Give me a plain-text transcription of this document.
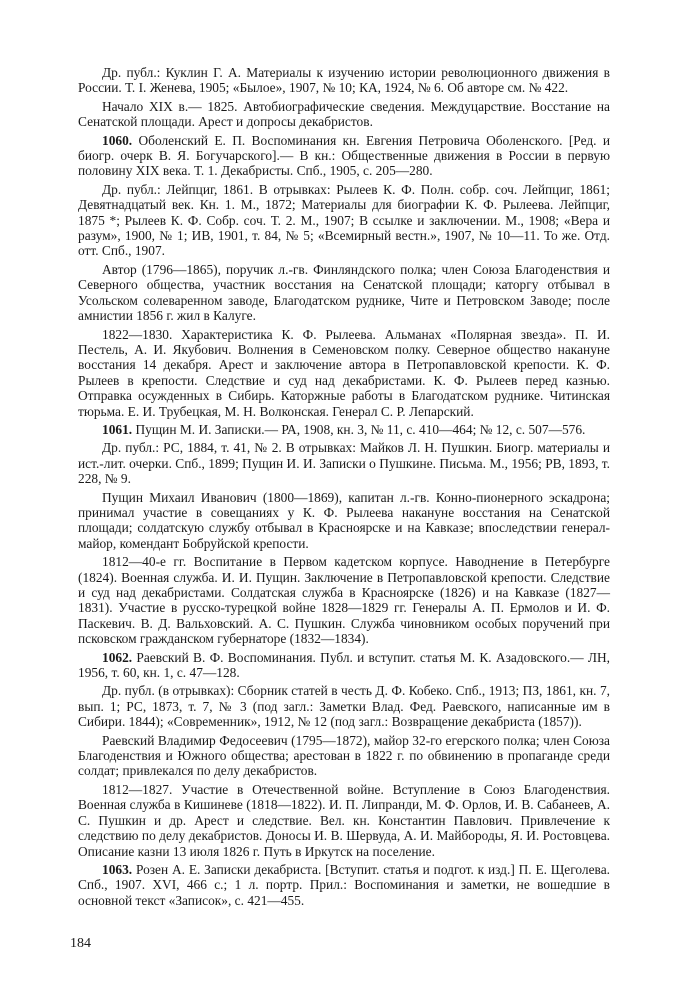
Др. публ.: Куклин Г. А. Материалы к изучению истории революционного движения в России. Т. I. Женева, 1905; «Былое», 1907, № 10; КА, 1924, № 6. Об авторе см. № 422.

Начало XIX в.— 1825. Автобиографические сведения. Междуцарствие. Восстание на Сенатской площади. Арест и допросы декабристов.

1060. Оболенский Е. П. Воспоминания кн. Евгения Петровича Оболенского. [Ред. и биогр. очерк В. Я. Богучарского].— В кн.: Общественные движения в России в первую половину XIX века. Т. 1. Декабристы. Спб., 1905, с. 205—280.

Др. публ.: Лейпциг, 1861. В отрывках: Рылеев К. Ф. Полн. собр. соч. Лейпциг, 1861; Девятнадцатый век. Кн. 1. М., 1872; Материалы для биографии К. Ф. Рылеева. Лейпциг, 1875 *; Рылеев К. Ф. Собр. соч. Т. 2. М., 1907; В ссылке и заключении. М., 1908; «Вера и разум», 1900, № 1; ИВ, 1901, т. 84, № 5; «Всемирный вестн.», 1907, № 10—11. То же. Отд. отт. Спб., 1907.

Автор (1796—1865), поручик л.-гв. Финляндского полка; член Союза Благоденствия и Северного общества, участник восстания на Сенатской площади; каторгу отбывал в Усольском солеваренном заводе, Благодатском руднике, Чите и Петровском Заводе; после амнистии 1856 г. жил в Калуге.

1822—1830. Характеристика К. Ф. Рылеева. Альманах «Полярная звезда». П. И. Пестель, А. И. Якубович. Волнения в Семеновском полку. Северное общество накануне восстания 14 декабря. Арест и заключение автора в Петропавловской крепости. К. Ф. Рылеев в крепости. Следствие и суд над декабристами. К. Ф. Рылеев перед казнью. Отправка осужденных в Сибирь. Каторжные работы в Благодатском руднике. Читинская тюрьма. Е. И. Трубецкая, М. Н. Волконская. Генерал С. Р. Лепарский.

1061. Пущин М. И. Записки.— РА, 1908, кн. 3, № 11, с. 410—464; № 12, с. 507—576.

Др. публ.: РС, 1884, т. 41, № 2. В отрывках: Майков Л. Н. Пушкин. Биогр. материалы и ист.-лит. очерки. Спб., 1899; Пущин И. И. Записки о Пушкине. Письма. М., 1956; РВ, 1893, т. 228, № 9.

Пущин Михаил Иванович (1800—1869), капитан л.-гв. Конно-пионерного эскадрона; принимал участие в совещаниях у К. Ф. Рылеева накануне восстания на Сенатской площади; солдатскую службу отбывал в Красноярске и на Кавказе; впоследствии генерал-майор, комендант Бобруйской крепости.

1812—40-е гг. Воспитание в Первом кадетском корпусе. Наводнение в Петербурге (1824). Военная служба. И. И. Пущин. Заключение в Петропавловской крепости. Следствие и суд над декабристами. Солдатская служба в Красноярске (1826) и на Кавказе (1827—1831). Участие в русско-турецкой войне 1828—1829 гг. Генералы А. П. Ермолов и И. Ф. Паскевич. В. Д. Вальховский. А. С. Пушкин. Служба чиновником особых поручений при псковском гражданском губернаторе (1832—1834).

1062. Раевский В. Ф. Воспоминания. Публ. и вступит. статья М. К. Азадовского.— ЛН, 1956, т. 60, кн. 1, с. 47—128.

Др. публ. (в отрывках): Сборник статей в честь Д. Ф. Кобеко. Спб., 1913; ПЗ, 1861, кн. 7, вып. 1; РС, 1873, т. 7, № 3 (под загл.: Заметки Влад. Фед. Раевского, написанные им в Сибири. 1844); «Современник», 1912, № 12 (под загл.: Возвращение декабриста (1857)).

Раевский Владимир Федосеевич (1795—1872), майор 32-го егерского полка; член Союза Благоденствия и Южного общества; арестован в 1822 г. по обвинению в пропаганде среди солдат; привлекался по делу декабристов.

1812—1827. Участие в Отечественной войне. Вступление в Союз Благоденствия. Военная служба в Кишиневе (1818—1822). И. П. Липранди, М. Ф. Орлов, И. В. Сабанеев, А. С. Пушкин и др. Арест и следствие. Вел. кн. Константин Павлович. Привлечение к следствию по делу декабристов. Доносы И. В. Шервуда, А. И. Майбороды, Я. И. Ростовцева. Описание казни 13 июля 1826 г. Путь в Иркутск на поселение.

1063. Розен А. Е. Записки декабриста. [Вступит. статья и подгот. к изд.] П. Е. Щеголева. Спб., 1907. XVI, 466 с.; 1 л. портр. Прил.: Воспоминания и заметки, не вошедшие в основной текст «Записок», с. 421—455.

184
